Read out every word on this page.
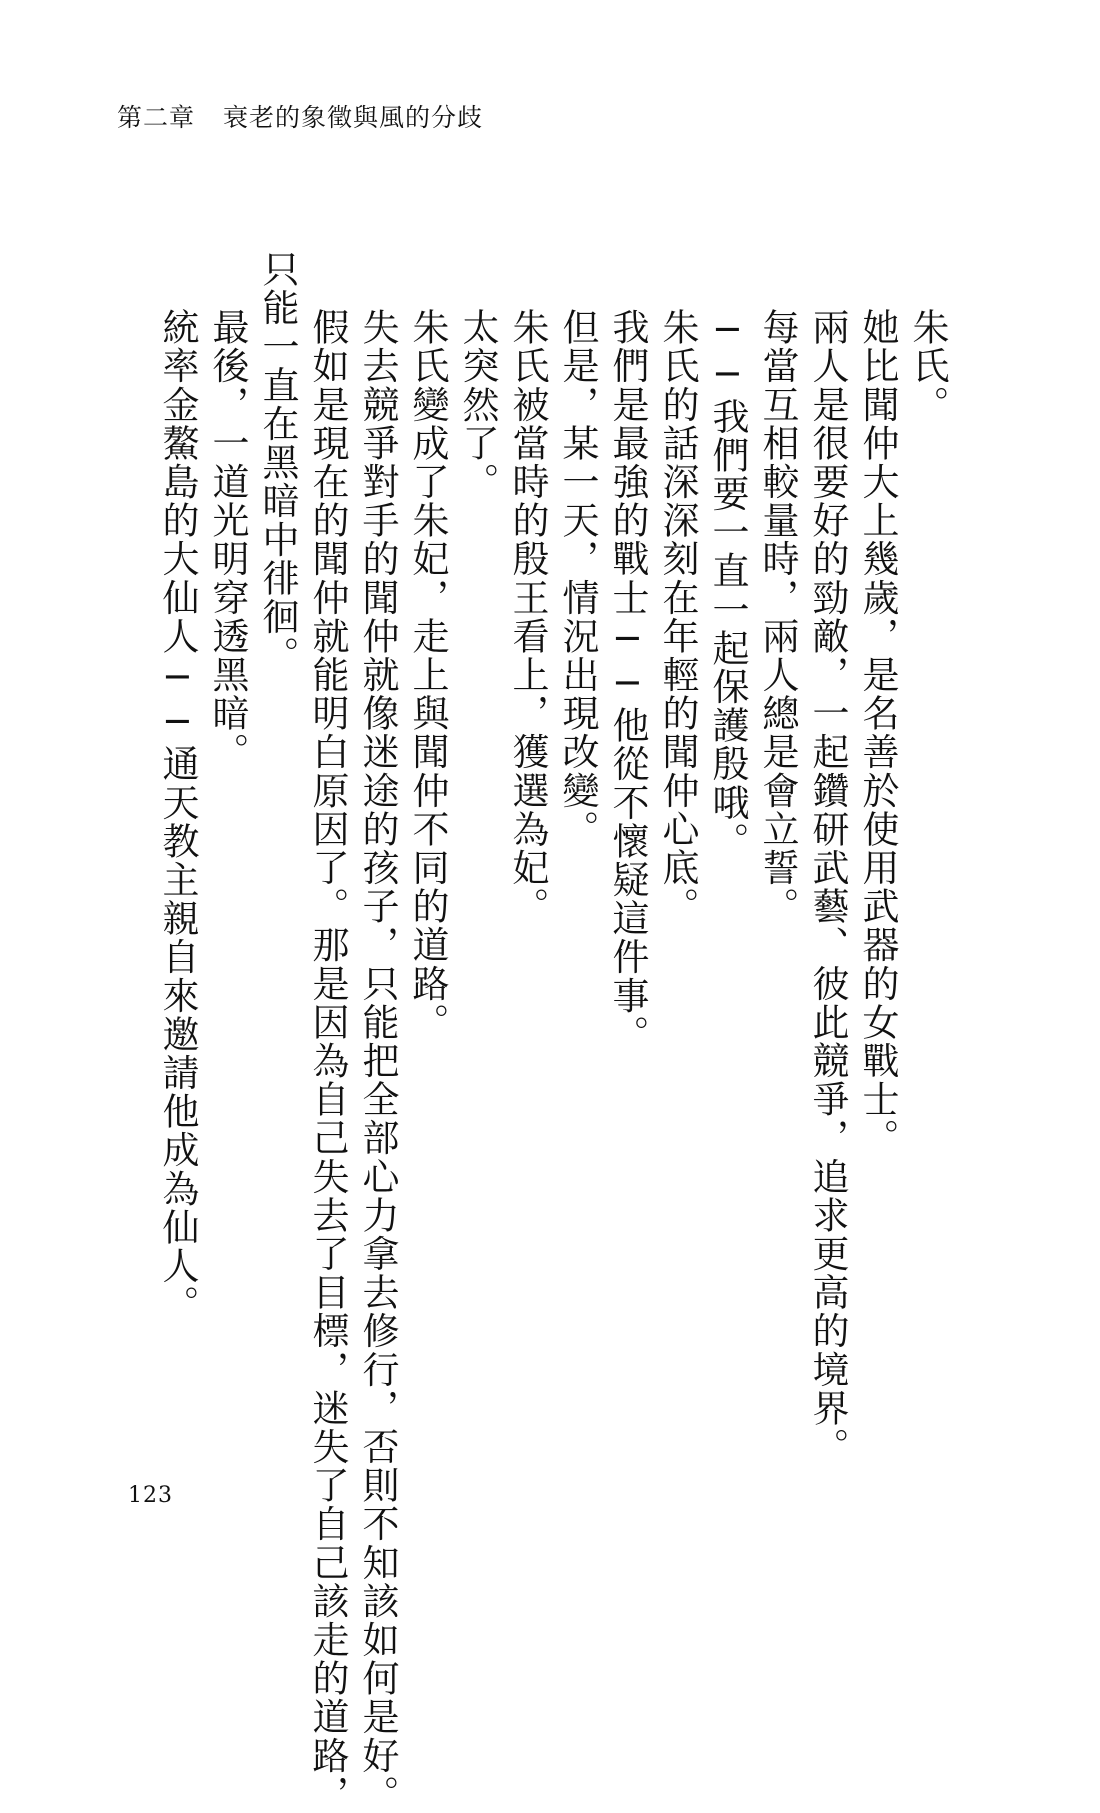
第二章 衰老的象徵與風的分歧
朱氏。
她比聞仲大上幾歲，是名善於使用武器的女戰士。
兩人是很要好的勁敵，一起鑽研武藝、彼此競爭，追求更高的境界。
每當互相較量時，兩人總是會立誓。
──我們要一直一起保護殷哦。
朱氏的話深深刻在年輕的聞仲心底。
我們是最強的戰士──他從不懷疑這件事。
但是，某一天，情況出現改變。
朱氏被當時的殷王看上，獲選為妃。
太突然了。
朱氏變成了朱妃，走上與聞仲不同的道路。
失去競爭對手的聞仲就像迷途的孩子，只能把全部心力拿去修行，否則不知該如何是好。
假如是現在的聞仲就能明白原因了。那是因為自己失去了目標，迷失了自己該走的道路，
只能一直在黑暗中徘徊。
最後，一道光明穿透黑暗。
統率金鰲島的大仙人──通天教主親自來邀請他成為仙人。
123
